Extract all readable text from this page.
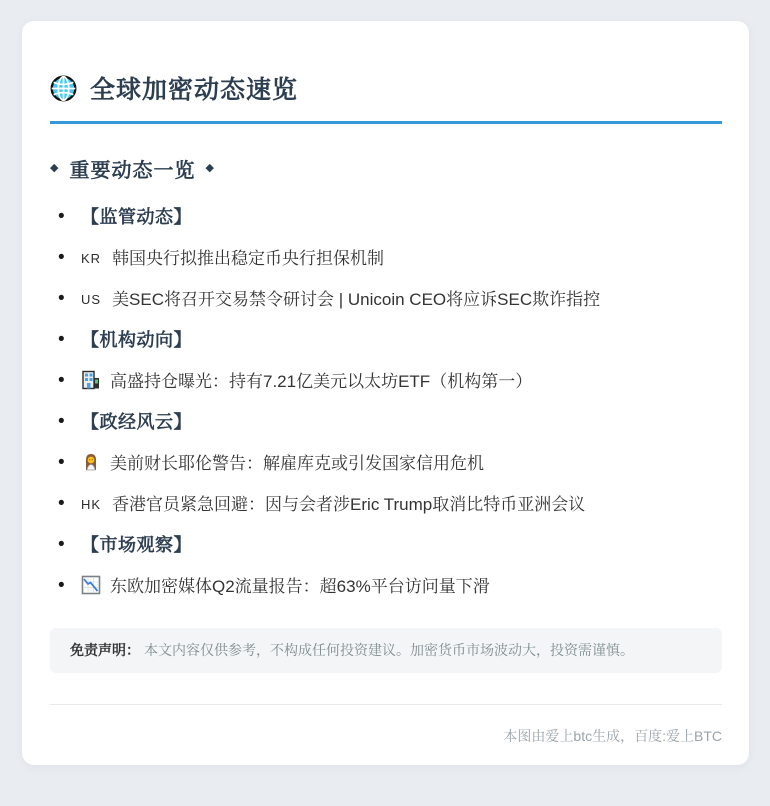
全球加密动态速览
◆ 重要动态一览 ◆
• 【监管动态】
• KR 韩国央行拟推出稳定币央行担保机制
• US 美SEC将召开交易禁令研讨会 | Unicoin CEO将应诉SEC欺诈指控
• 【机构动向】
• 高盛持仓曝光：持有7.21亿美元以太坊ETF（机构第一）
• 【政经风云】
• 美前财长耶伦警告：解雇库克或引发国家信用危机
• HK 香港官员紧急回避：因与会者涉Eric Trump取消比特币亚洲会议
• 【市场观察】
• 东欧加密媒体Q2流量报告：超63%平台访问量下滑
免责声明： 本文内容仅供参考，不构成任何投资建议。加密货币市场波动大，投资需谨慎。
本图由爱上btc生成，百度:爱上BTC
